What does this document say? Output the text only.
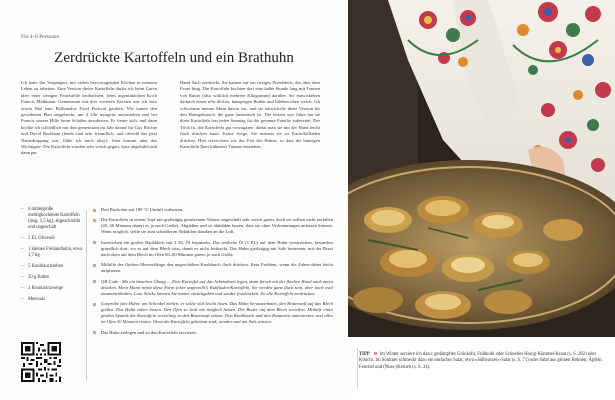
Für 4–6 Personen
Zerdrückte Kartoffeln und ein Brathuhn
Ich hatte das Vergnügen, mit vielen hervorragenden Köchen in meinem Leben zu arbeiten. Eine Version dieser Kartoffeln durfte ich beim Garen über einer riesigen Feuerstelle beobachten, beim argentinischen Koch Francis Mallmann. Gemeinsam mit drei weiteren Köchen war ich zum ersten Mal zum Ballymaloe Food Festival geritten. Wir hatten den gewöhnten Plan ausgeheckt, um 4 Uhr morgens aufzustehen und bei Francis unsere Hilfe beim Schälen anzubieten. Er freute sich, und dann kochte ich schließlich mit ihm gemeinsam im Jahr darauf für Guy Ritchie und David Beckham (beide sind sehr freundlich, und obwohl das jetzt Namedropping war, fühle ich mich okay). Jetzt kommt aber das Wichtigste: Die Kartoffeln wurden sehr weich gegart, kurz abgekühlt und dann per
Hand flach zerdrückt. Sie kamen auf ein riesiges Eisenblech, das über dem Feuer hing. Die Kartoffeln kochten dort eine halbe Stunde lang mit Tonnen von Butter (also wirklich mehrere Kilogramm) darüber. Sie entwickelten dadurch einen sehr dicken, knusprigen Boden und blieben oben weich. Ich schwärmte meiner Mum davon vor, und sie entwickelte diese Version für den Hausgebrauch, die ganz fantastisch ist. Die letzten vier Jahre hat sie diese Kartoffeln fast jeden Sonntag für die gesamte Familie zubereitet. Der Trick ist, die Kartoffeln gut vorzugaren, damit man sie mit der Hand leicht flach drücken kann. Keine Sorge, Sie müssen sie zu Kartoffelfladen drücken. Hier reservieren wir das Fett des Huhns, so dass die buttrigen Kartoffeln Ihrer kühnsten Träume entstehen.
– 6 mittelgroße mehligkochende Kartoffeln (insg. 1,5 kg), abgeschrubbt und ungeschält
– 2 EL Olivenöl
– 1 kleines Freilandhuhn, etwa 1,7 kg
– 5 Knoblauchzehen
– 50 g Butter
– 2 Rosmarinzweige
– Meersalz
Den Backofen auf 180 °C Umluft vorheizen.
Die Kartoffeln in einem Topf mit großzügig gesalzenem Wasser ungeschält sehr weich garen, doch sie sollten nicht zerfallen (20–30 Minuten dauert es je nach Größe). Abgießen und so abkühlen lassen, dass sie ohne Verbrennungen anfassen können. Wenn möglich, stelle sie zum schnelleren Abkühlen draußen an die Luft.
Inzwischen ein großes Backblech mit 1 EL Öl bepinseln. Das restliche Öl (1 EL) auf dem Huhn verstreichen, besonders gründlich dort, wo es auf dem Blech sitzt, damit es nicht festbackt. Das Huhn großzügig mit Salz bestreuen, mit der Brust nach oben auf dem Blech im Ofen 60–80 Minuten garen, je nach Größe.
Mithilfe der flachen Messerklinge den ungeschälten Knoblauch flach drücken. Kein Problem, wenn die Zehen dabei leicht aufplatzen.
QR-Code · Mit ein bisschen Übung … Eine Kartoffel auf das Arbeitsbrett legen, dann forsch mit der flachen Hand nach unten drücken. Mein Mann nennt diese Form (eher ungewollt!) Kuhfladen-Kartoffeln. Sie werden ganz flach sein, aber noch oval zusammenhalten. Lose Stücke können Sie immer zurückgeben und wieder festdrücken. So alle Kartoffeln zerdrücken.
Garprobe fürs Huhn: am Schenkel ziehen, er sollte sich leicht lösen. Das Huhn herausnehmen, den Bratensaft auf das Blech gießen. Das Huhn ruhen lassen. Den Ofen so heiß wie möglich heizen. Die Butter auf dem Blech verteilen. Mithilfe eines großen Spatels die Kartoffeln vorsichtig in den Bratensaft setzen. Den Knoblauch und den Rosmarin unterstreuen und alles im Ofen 30 Minuten rösten. Wenn die Kartoffeln gebräunt sind, wenden und mit Salz würzen.
Das Huhn zerlegen und zu den Kartoffeln servieren.
TIPP Im Winter serviere ich dazu: gedämpftes Grünkohl, Frühkohl oder Schnelles Honig-Kümmel-Kraut (s. S. 282) oder Kimchi. Im Sommer schmeckt dazu ein einfacher Salat, etwa »Süßwasser«-Salat (s. S. 71) oder Salat aus grünen Bohnen, Äpfeln, Fenchel und (Nuss-)Kernen (s. S. 34).
